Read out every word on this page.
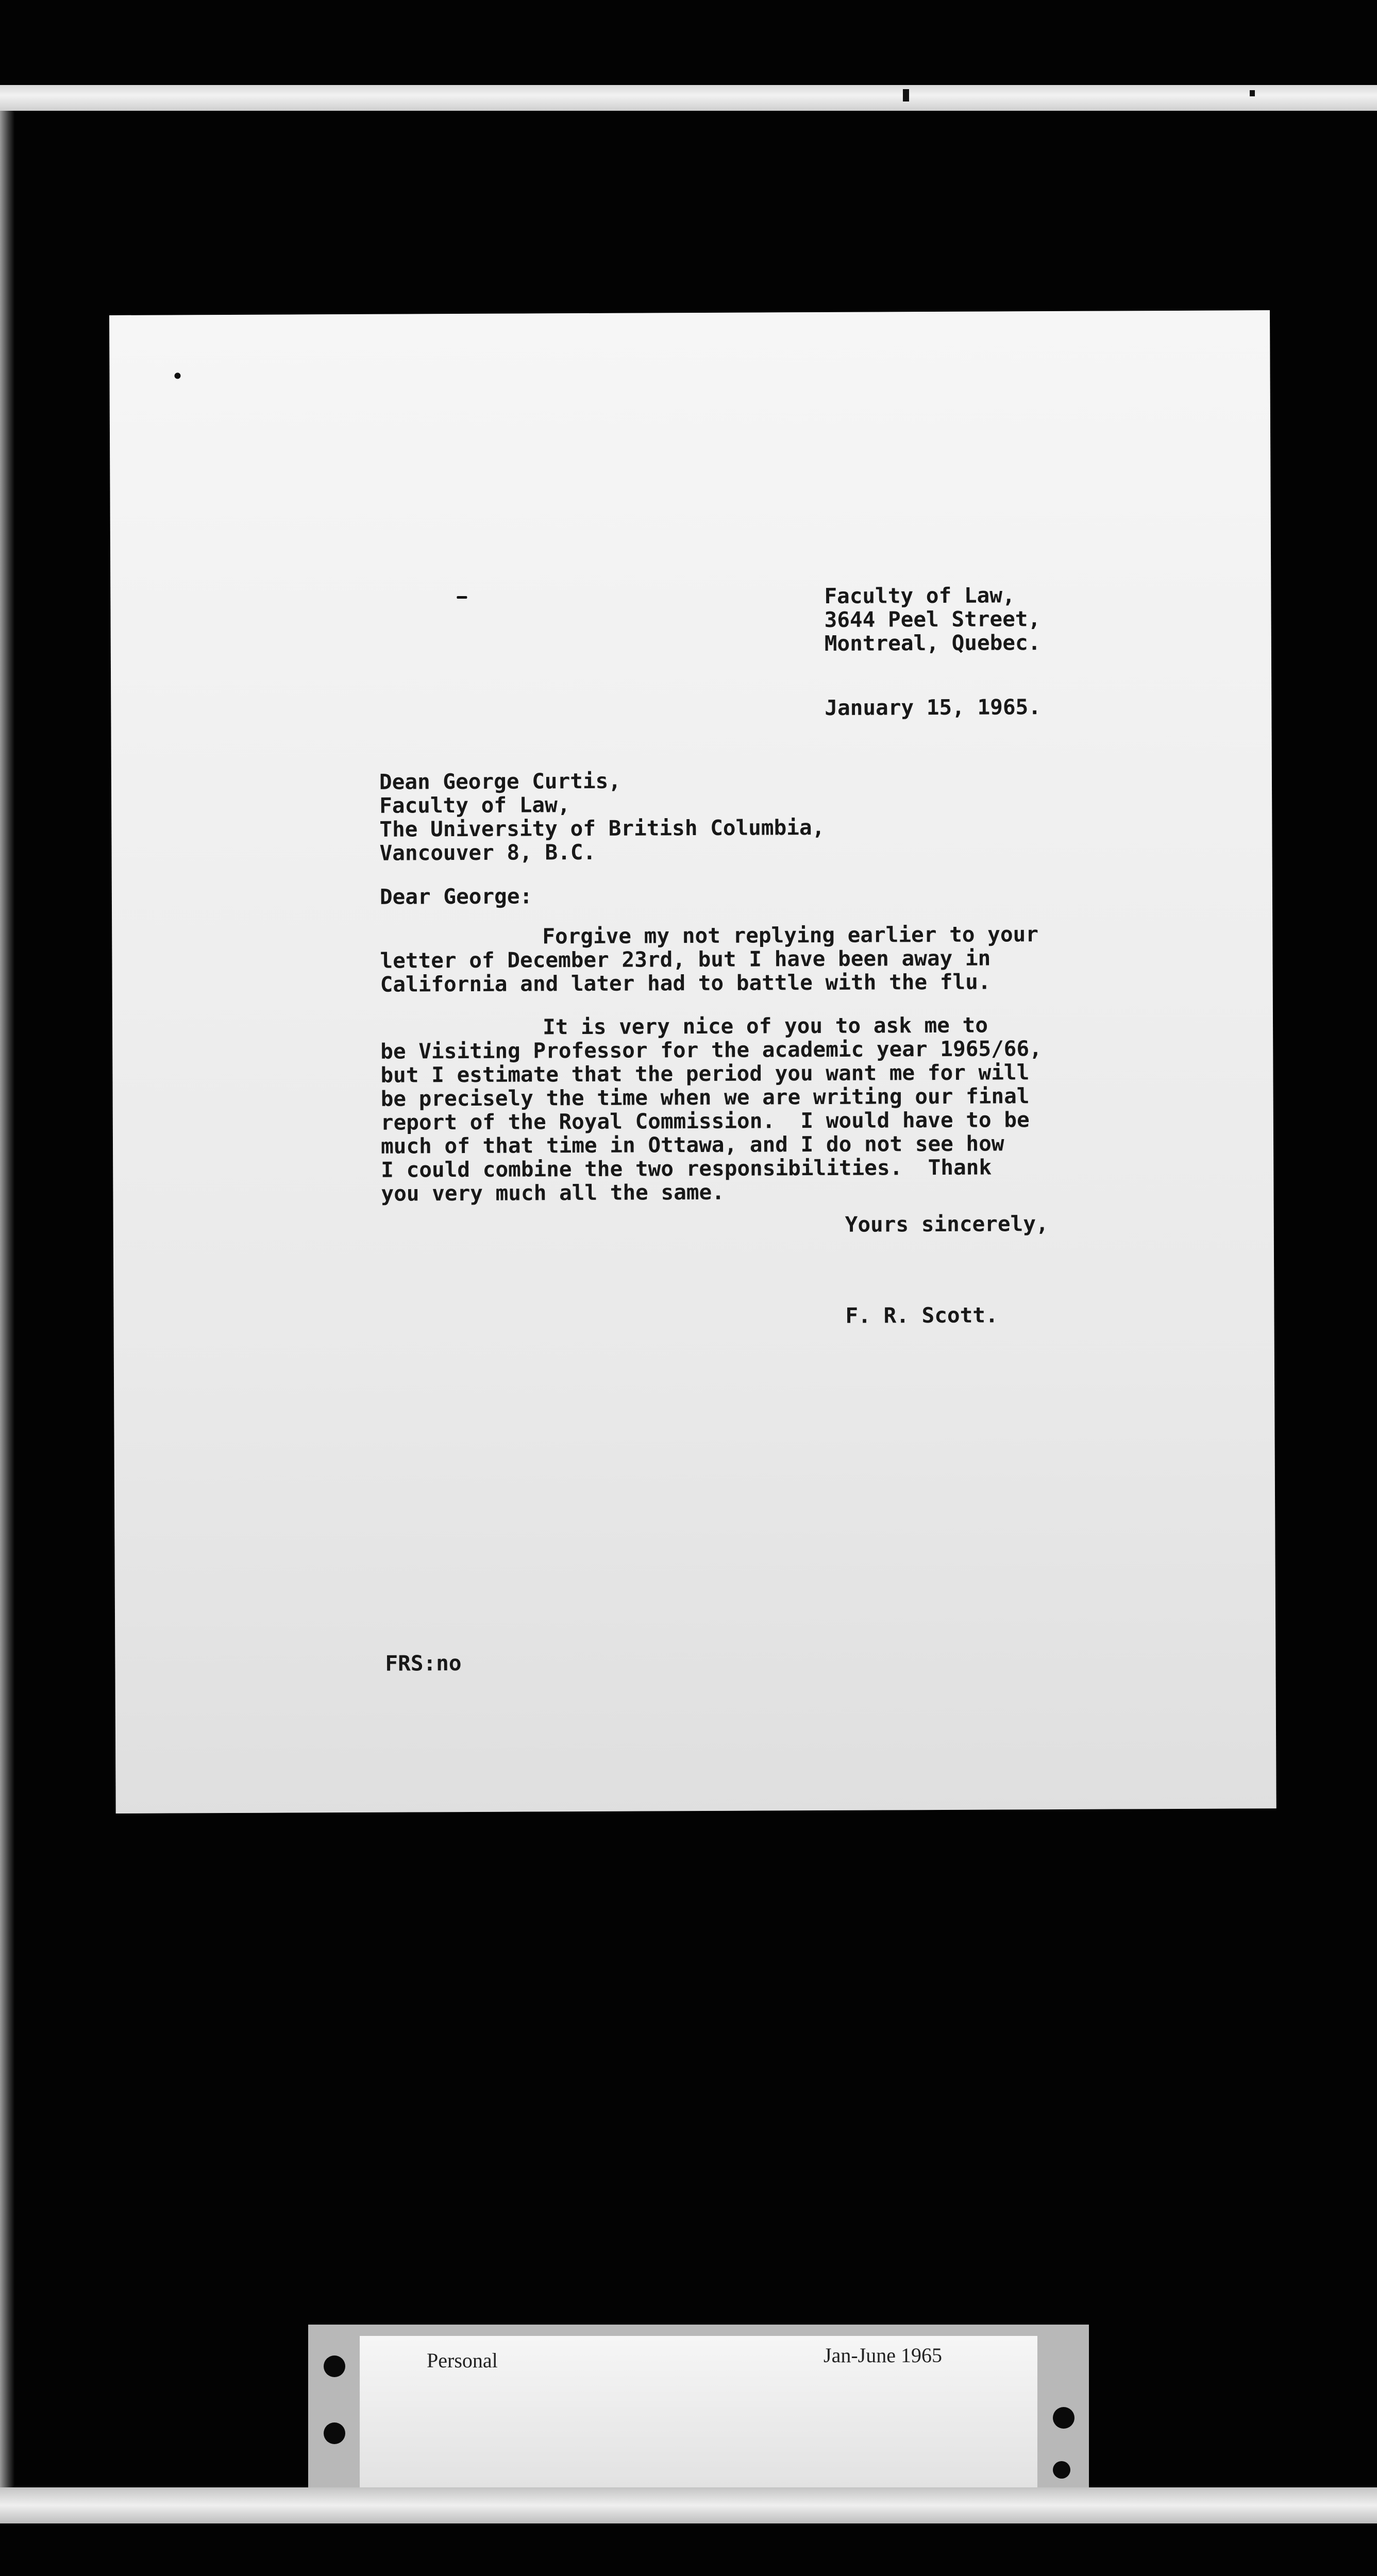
Faculty of Law,
3644 Peel Street,
Montreal, Quebec.
January 15, 1965.
Dean George Curtis,
Faculty of Law,
The University of British Columbia,
Vancouver 8, B.C.
Dear George:
Forgive my not replying earlier to your
letter of December 23rd, but I have been away in
California and later had to battle with the flu.
It is very nice of you to ask me to
be Visiting Professor for the academic year 1965/66,
but I estimate that the period you want me for will
be precisely the time when we are writing our final
report of the Royal Commission.  I would have to be
much of that time in Ottawa, and I do not see how
I could combine the two responsibilities.  Thank
you very much all the same.
Yours sincerely,
F. R. Scott.
FRS:no
Personal	Jan-June 1965
